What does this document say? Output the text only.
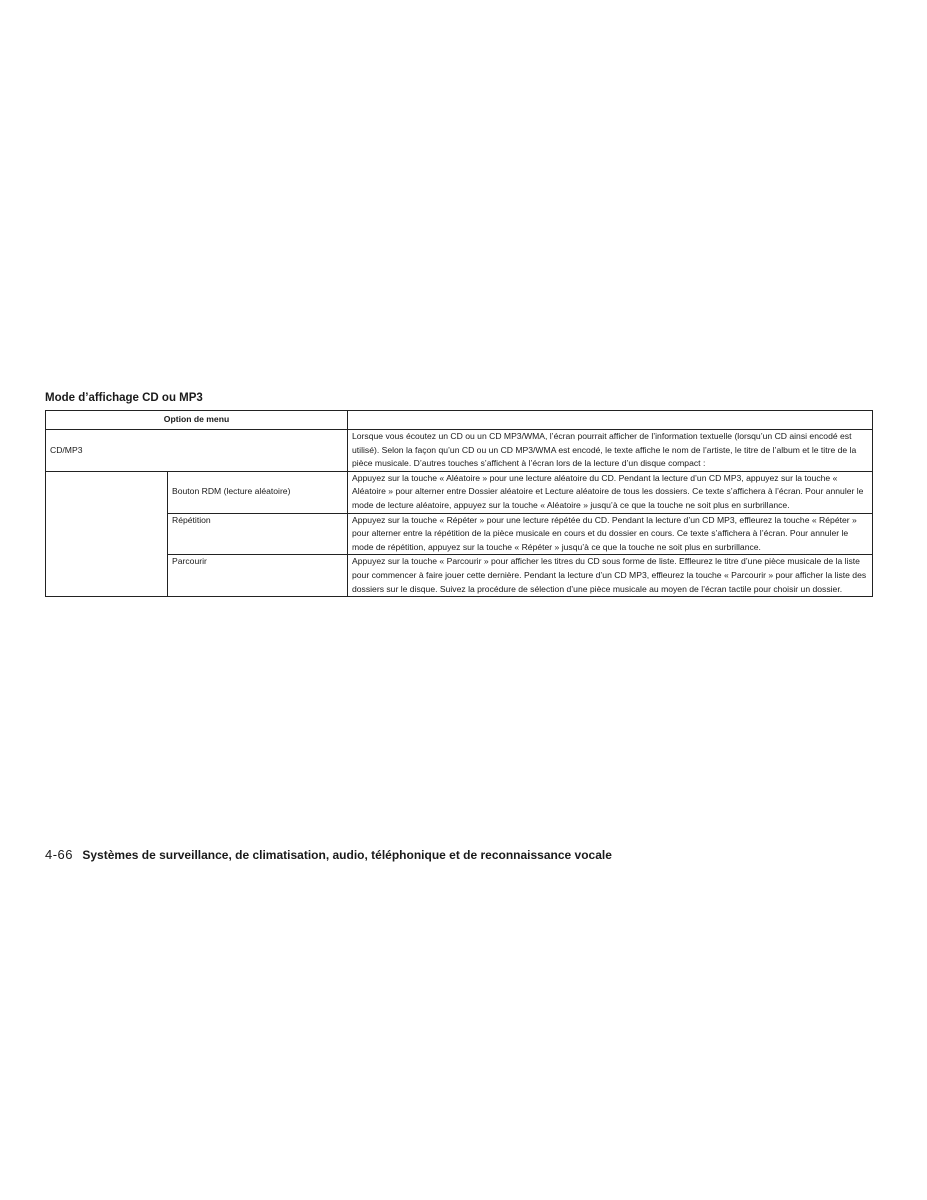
Mode d’affichage CD ou MP3
Option de menu		
CD/MP3		Lorsque vous écoutez un CD ou un CD MP3/WMA, l’écran pourrait afficher de l’information textuelle (lorsqu’un CD ainsi encodé est utilisé). Selon la façon qu’un CD ou un CD MP3/WMA est encodé, le texte affiche le nom de l’artiste, le titre de l’album et le titre de la pièce musicale. D’autres touches s’affichent à l’écran lors de la lecture d’un disque compact :
	Bouton RDM (lecture aléatoire)	Appuyez sur la touche « Aléatoire » pour une lecture aléatoire du CD. Pendant la lecture d’un CD MP3, appuyez sur la touche « Aléatoire » pour alterner entre Dossier aléatoire et Lecture aléatoire de tous les dossiers. Ce texte s’affichera à l’écran. Pour annuler le mode de lecture aléatoire, appuyez sur la touche « Aléatoire » jusqu’à ce que la touche ne soit plus en surbrillance.
	Répétition	Appuyez sur la touche « Répéter » pour une lecture répétée du CD. Pendant la lecture d’un CD MP3, effleurez la touche « Répéter » pour alterner entre la répétition de la pièce musicale en cours et du dossier en cours. Ce texte s’affichera à l’écran. Pour annuler le mode de répétition, appuyez sur la touche « Répéter » jusqu’à ce que la touche ne soit plus en surbrillance.
	Parcourir	Appuyez sur la touche « Parcourir » pour afficher les titres du CD sous forme de liste. Effleurez le titre d’une pièce musicale de la liste pour commencer à faire jouer cette dernière. Pendant la lecture d’un CD MP3, effleurez la touche « Parcourir » pour afficher la liste des dossiers sur le disque. Suivez la procédure de sélection d’une pièce musicale au moyen de l’écran tactile pour choisir un dossier.
4-66 Systèmes de surveillance, de climatisation, audio, téléphonique et de reconnaissance vocale
